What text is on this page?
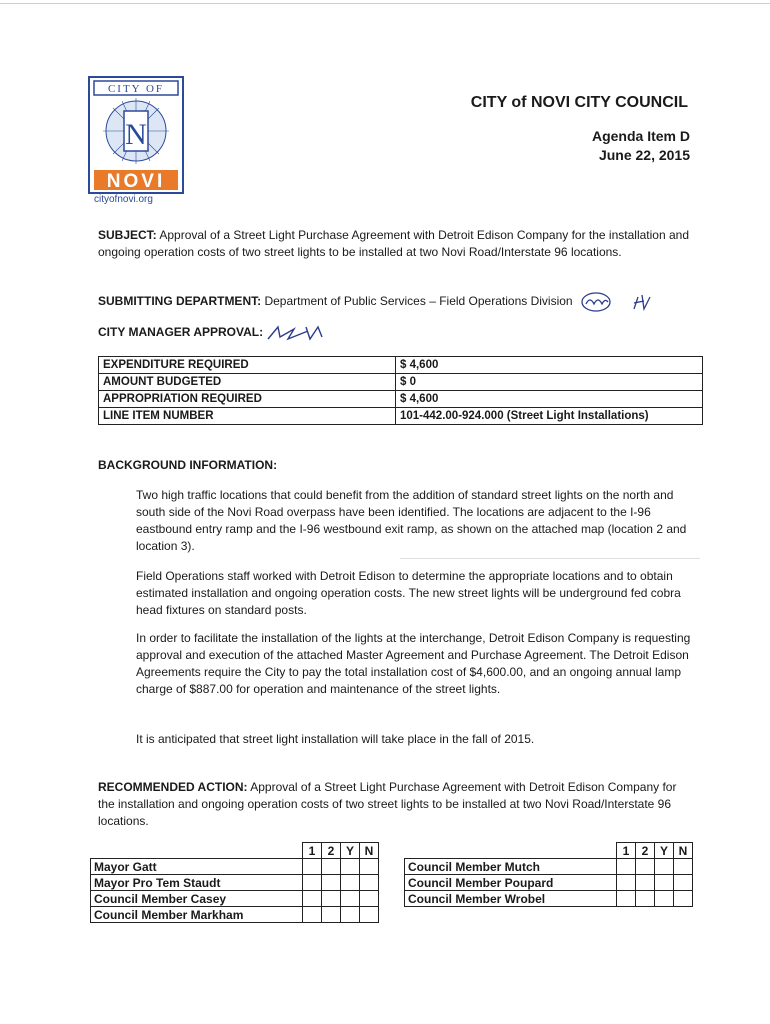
CITY OF
N
NOVI
cityofnovi.org
CITY of NOVI CITY COUNCIL
Agenda Item D
June 22, 2015
SUBJECT: Approval of a Street Light Purchase Agreement with Detroit Edison Company for the installation and ongoing operation costs of two street lights to be installed at two Novi Road/Interstate 96 locations.
SUBMITTING DEPARTMENT: Department of Public Services – Field Operations Division
CITY MANAGER APPROVAL:
EXPENDITURE REQUIRED	$ 4,600
AMOUNT BUDGETED	$ 0
APPROPRIATION REQUIRED	$ 4,600
LINE ITEM NUMBER	101-442.00-924.000 (Street Light Installations)
BACKGROUND INFORMATION:
Two high traffic locations that could benefit from the addition of standard street lights on the north and south side of the Novi Road overpass have been identified. The locations are adjacent to the I-96 eastbound entry ramp and the I-96 westbound exit ramp, as shown on the attached map (location 2 and location 3).
Field Operations staff worked with Detroit Edison to determine the appropriate locations and to obtain estimated installation and ongoing operation costs. The new street lights will be underground fed cobra head fixtures on standard posts.
In order to facilitate the installation of the lights at the interchange, Detroit Edison Company is requesting approval and execution of the attached Master Agreement and Purchase Agreement. The Detroit Edison Agreements require the City to pay the total installation cost of $4,600.00, and an ongoing annual lamp charge of $887.00 for operation and maintenance of the street lights.
It is anticipated that street light installation will take place in the fall of 2015.
RECOMMENDED ACTION: Approval of a Street Light Purchase Agreement with Detroit Edison Company for the installation and ongoing operation costs of two street lights to be installed at two Novi Road/Interstate 96 locations.
	1	2	Y	N
Mayor Gatt				
Mayor Pro Tem Staudt				
Council Member Casey				
Council Member Markham				
	1	2	Y	N
Council Member Mutch				
Council Member Poupard				
Council Member Wrobel				
